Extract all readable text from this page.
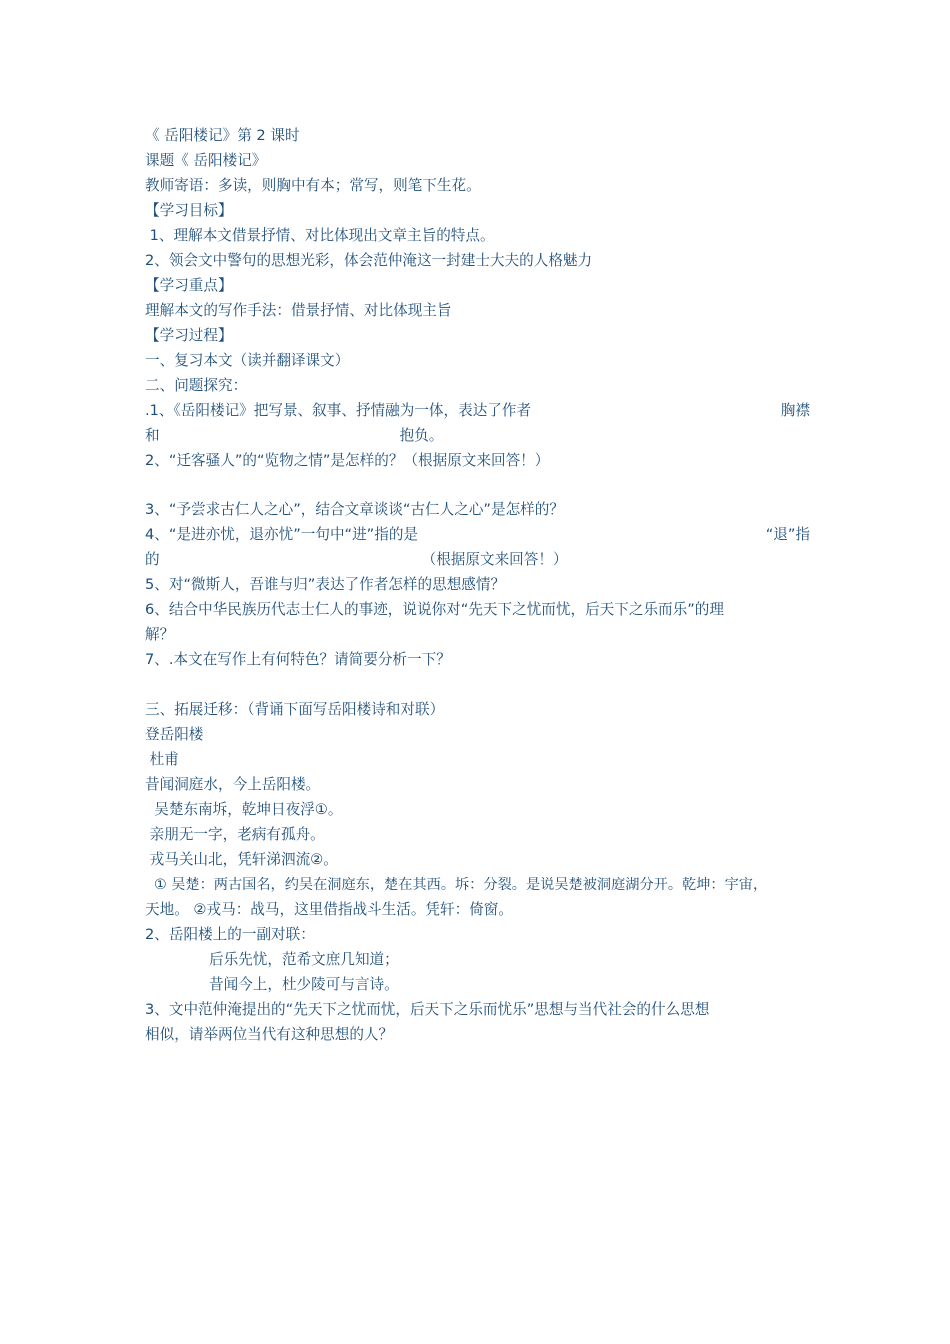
《 岳阳楼记》第 2 课时
课题《 岳阳楼记》
教师寄语：多读，则胸中有本；常写，则笔下生花。
【学习目标】
1、理解本文借景抒情、对比体现出文章主旨的特点。
2、领会文中警句的思想光彩，体会范仲淹这一封建士大夫的人格魅力
【学习重点】
理解本文的写作手法：借景抒情、对比体现主旨
【学习过程】
一、复习本文（读并翻译课文）
二、问题探究：
.1、《岳阳楼记》把写景、叙事、抒情融为一体，表达了作者	胸襟
和	抱负。
2、“迁客骚人”的“览物之情”是怎样的？（根据原文来回答！）
3、“予尝求古仁人之心”，结合文章谈谈“古仁人之心”是怎样的？
4、“是进亦忧，退亦忧”一句中“进”指的是	“退”指
的	（根据原文来回答！）
5、对“微斯人，吾谁与归”表达了作者怎样的思想感情？
6、结合中华民族历代志士仁人的事迹，说说你对“先天下之忧而忧，后天下之乐而乐”的理
解？
7、.本文在写作上有何特色？请简要分析一下？
三、拓展迁移：（背诵下面写岳阳楼诗和对联）
登岳阳楼
杜甫
昔闻洞庭水，今上岳阳楼。
吴楚东南坼，乾坤日夜浮①。
亲朋无一字，老病有孤舟。
戎马关山北，凭轩涕泗流②。
① 吴楚：两古国名，约吴在洞庭东，楚在其西。坼：分裂。是说吴楚被洞庭湖分开。乾坤：宇宙，
天地。 ②戎马：战马，这里借指战斗生活。凭轩：倚窗。
2、岳阳楼上的一副对联：
后乐先忧，范希文庶几知道；
昔闻今上，杜少陵可与言诗。
3、文中范仲淹提出的“先天下之忧而忧，后天下之乐而忧乐”思想与当代社会的什么思想
相似，请举两位当代有这种思想的人？
